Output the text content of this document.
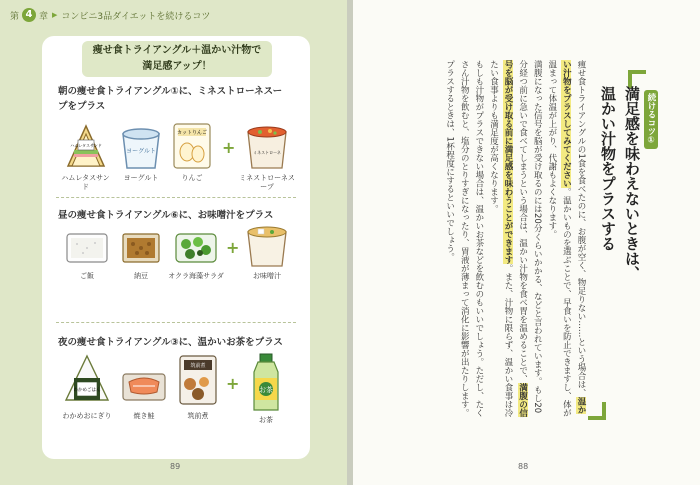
第 4 章 ▶ コンビニ3品ダイエットを続けるコツ
痩せ食トライアングル＋温かい汁物で
満足感アップ！
朝の痩せ食トライアングル①に、ミネストローネスー
プをプラス
ハムレタスサンド
ハムレタスサンド
ヨーグルト
ヨーグルト
カットりんご
りんご
+	ミネストローネ
ミネストローネスープ
昼の痩せ食トライアングル⑥に、お味噌汁をプラス
ご飯	納豆	オクラ海藻サラダ
+
お味噌汁
夜の痩せ食トライアングル③に、温かいお茶をプラス
わかめごはん
わかめおにぎり	焼き鮭
筑前煮
筑前煮
+	お茶
お茶
89
続けるコツ①
満足感を味わえないときは、
温かい汁物をプラスする
痩せ食トライアングルの1食を食べたのに、お腹が空く、物足りない……という場合は、温かい汁物をプラスしてみてください。温かいものを選ぶことで、早食いを防止できますし、体が温まって体温が上がり、代謝もよくなります。
満腹になった信号を脳が受け取るのには20分くらいかかる、などと言われています。もし20分経つ前に急いで食べてしまうという場合は、温かい汁物を食べ胃を温めることで、満腹の信号を脳が受け取る前に満足感を味わうことができます。また、汁物に限らず、温かい食事は冷たい食事よりも満足度が高くなります。
もしも汁物がプラスできない場合は、温かいお茶などを飲むのもいいでしょう。ただし、たくさん汁物を飲むと、塩分のとりすぎになったり、胃液が薄まって消化に影響が出たりします。プラスするときは、1杯程度にするといいでしょう。
88
